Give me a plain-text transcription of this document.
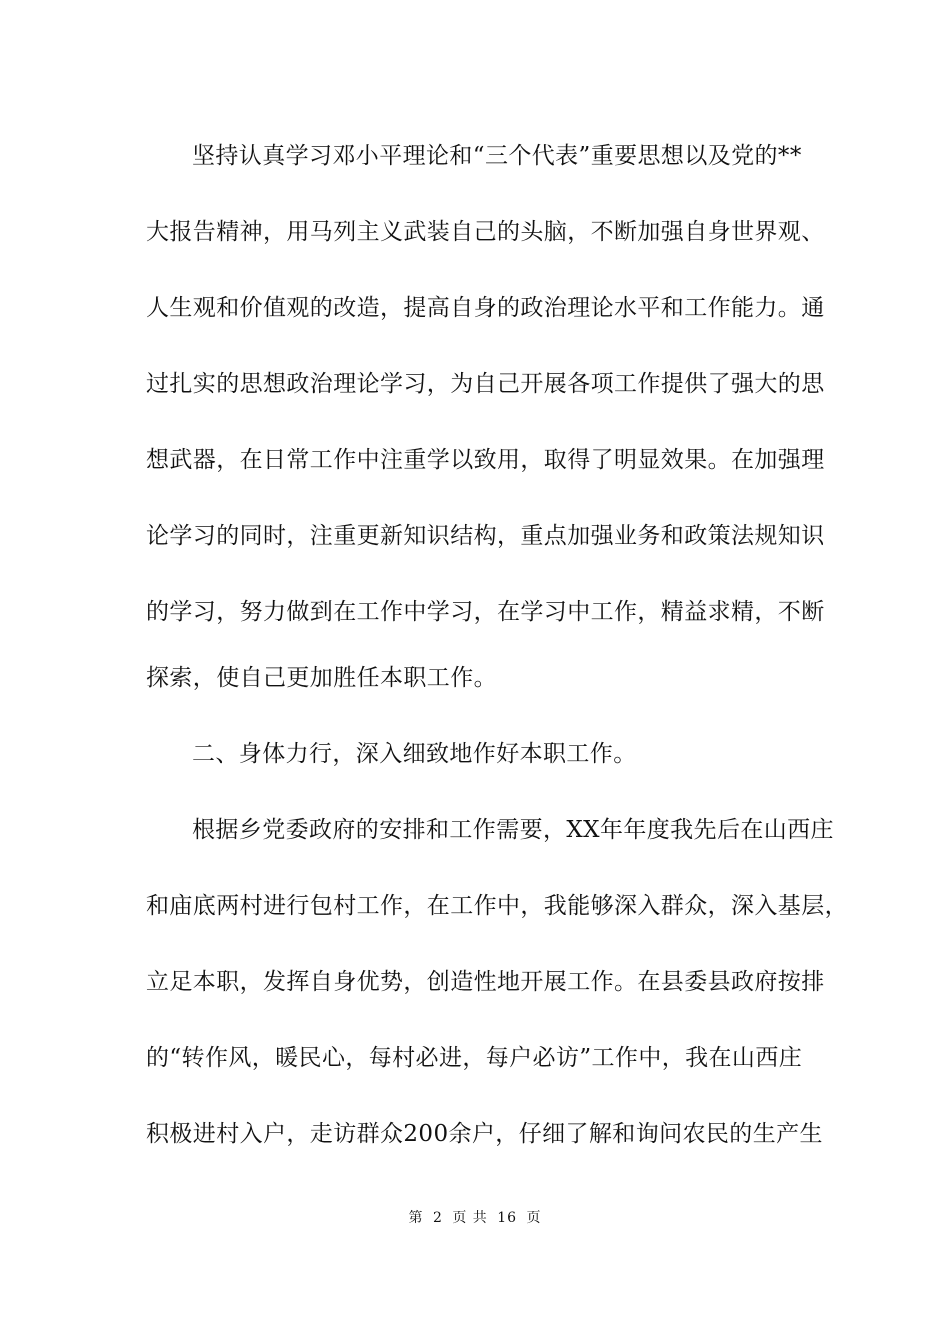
坚持认真学习邓小平理论和“三个代表”重要思想以及党的**
大报告精神，用马列主义武装自己的头脑，不断加强自身世界观、
人生观和价值观的改造，提高自身的政治理论水平和工作能力。通
过扎实的思想政治理论学习，为自己开展各项工作提供了强大的思
想武器，在日常工作中注重学以致用，取得了明显效果。在加强理
论学习的同时，注重更新知识结构，重点加强业务和政策法规知识
的学习，努力做到在工作中学习，在学习中工作，精益求精，不断
探索，使自己更加胜任本职工作。
二、身体力行，深入细致地作好本职工作。
根据乡党委政府的安排和工作需要，XX年年度我先后在山西庄
和庙底两村进行包村工作，在工作中，我能够深入群众，深入基层，
立足本职，发挥自身优势，创造性地开展工作。在县委县政府按排
的“转作风，暖民心，每村必进，每户必访”工作中，我在山西庄
积极进村入户，走访群众200余户，仔细了解和询问农民的生产生
第 2 页 共 16 页
